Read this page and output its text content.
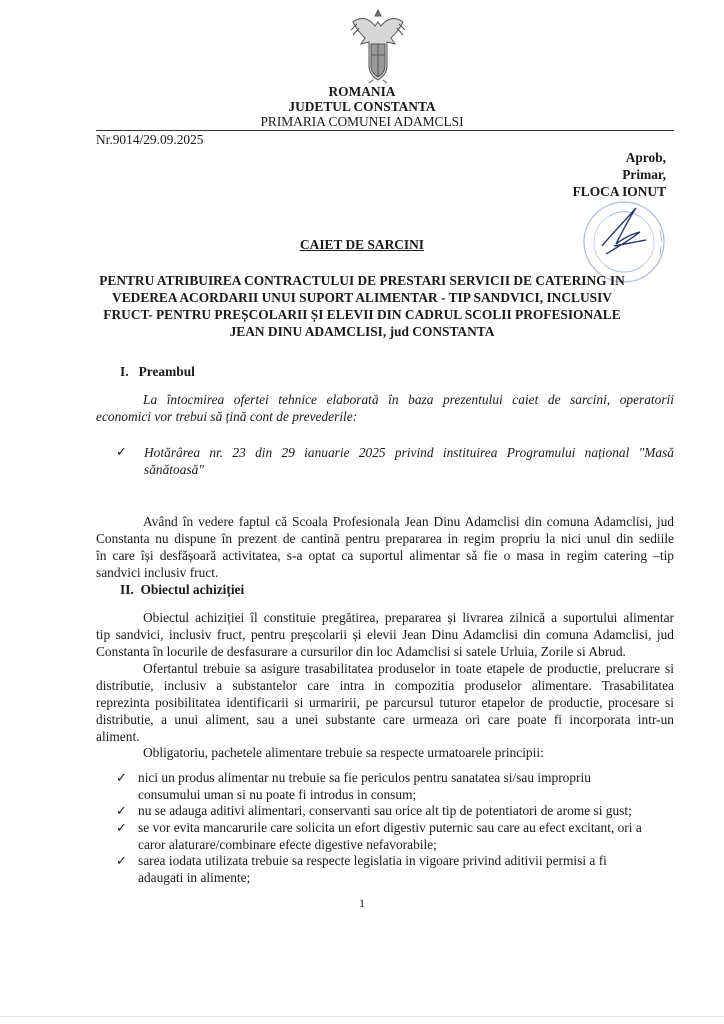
ROMANIA
JUDETUL CONSTANTA
PRIMARIA COMUNEI ADAMCLSI
Nr.9014/29.09.2025
Aprob,
Primar,
FLOCA IONUT
CAIET DE SARCINI
PENTRU ATRIBUIREA CONTRACTULUI DE PRESTARI SERVICII DE CATERING IN
VEDEREA ACORDARII UNUI SUPORT ALIMENTAR - TIP SANDVICI, INCLUSIV
FRUCT- PENTRU PREȘCOLARII ȘI ELEVII DIN CADRUL SCOLII PROFESIONALE
JEAN DINU ADAMCLISI, jud CONSTANTA
I.   Preambul
La întocmirea ofertei tehnice elaborată în baza prezentului caiet de sarcini, operatorii
economici vor trebui să țină cont de prevederile:
✓ Hotărârea nr. 23 din 29 ianuarie 2025 privind instituirea Programului național "Masă
sănătoasă"
Având în vedere faptul că Scoala Profesionala Jean Dinu Adamclisi din comuna Adamclisi, jud
Constanta nu dispune în prezent de cantină pentru prepararea in regim propriu la nici unul din sediile
în care își desfășoară activitatea, s-a optat ca suportul alimentar să fie o masa in regim catering –tip
sandvici inclusiv fruct.
II.  Obiectul achiziției
Obiectul achiziției îl constituie pregătirea, prepararea și livrarea zilnică a suportului alimentar
tip sandvici, inclusiv fruct, pentru preșcolarii și elevii Jean Dinu Adamclisi din comuna Adamclisi, jud
Constanta în locurile de desfasurare a cursurilor din loc Adamclisi si satele Urluia, Zorile si Abrud.
Ofertantul trebuie sa asigure trasabilitatea produselor in toate etapele de productie, prelucrare si
distributie, inclusiv a substantelor care intra in compozitia produselor alimentare. Trasabilitatea
reprezinta posibilitatea identificarii si urmaririi, pe parcursul tuturor etapelor de productie, procesare si
distributie, a unui aliment, sau a unei substante care urmeaza ori care poate fi incorporata intr-un
aliment.
Obligatoriu, pachetele alimentare trebuie sa respecte urmatoarele principii:
✓ nici un produs alimentar nu trebuie sa fie periculos pentru sanatatea si/sau impropriu
consumului uman si nu poate fi introdus in consum;
✓ nu se adauga aditivi alimentari, conservanti sau orice alt tip de potentiatori de arome si gust;
✓ se vor evita mancarurile care solicita un efort digestiv puternic sau care au efect excitant, ori a
caror alaturare/combinare efecte digestive nefavorabile;
✓ sarea iodata utilizata trebuie sa respecte legislatia in vigoare privind aditivii permisi a fi
adaugati in alimente;
1
